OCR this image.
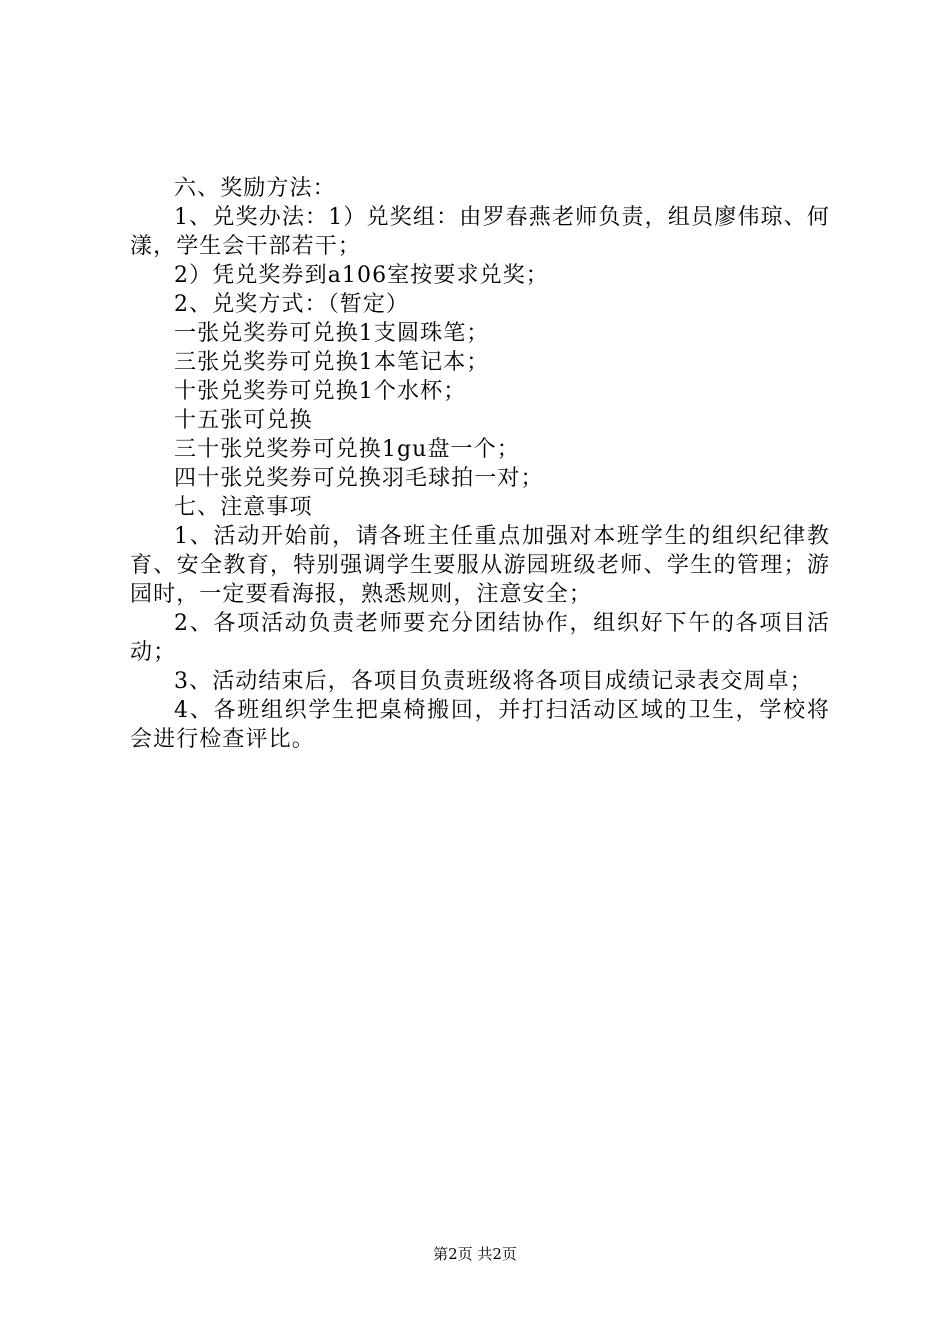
六、奖励方法：

1、兑奖办法：1）兑奖组：由罗春燕老师负责，组员廖伟琼、何漾，学生会干部若干；

2）凭兑奖券到a106室按要求兑奖；

2、兑奖方式：（暂定）

一张兑奖券可兑换1支圆珠笔；

三张兑奖券可兑换1本笔记本；

十张兑奖券可兑换1个水杯；

十五张可兑换

三十张兑奖券可兑换1gu盘一个；

四十张兑奖券可兑换羽毛球拍一对；

七、注意事项

1、活动开始前，请各班主任重点加强对本班学生的组织纪律教育、安全教育，特别强调学生要服从游园班级老师、学生的管理；游园时，一定要看海报，熟悉规则，注意安全；

2、各项活动负责老师要充分团结协作，组织好下午的各项目活动；

3、活动结束后，各项目负责班级将各项目成绩记录表交周卓；

4、各班组织学生把桌椅搬回，并打扫活动区域的卫生，学校将会进行检查评比。

第2页 共2页
